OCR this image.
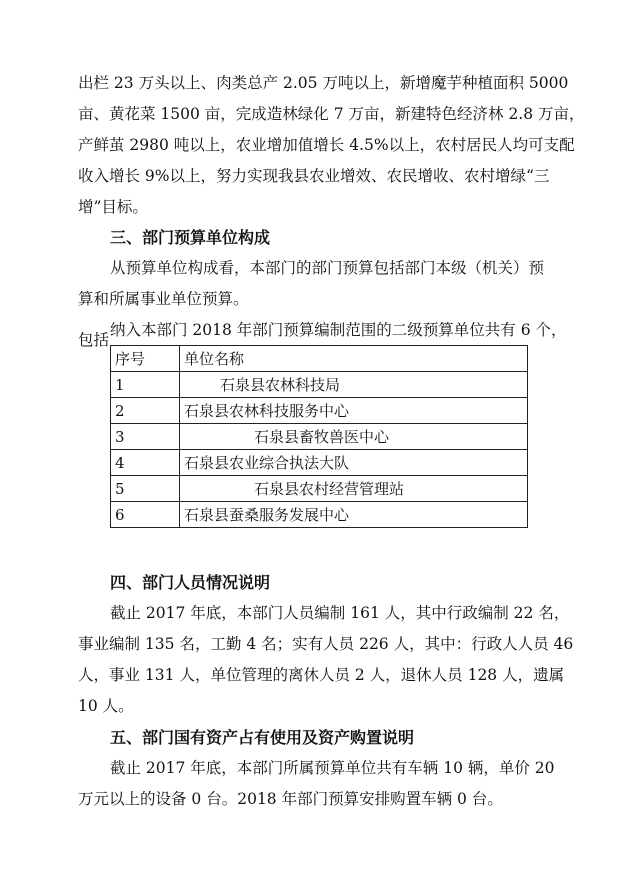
出栏 23 万头以上、肉类总产 2.05 万吨以上，新增魔芋种植面积 5000
亩、黄花菜 1500 亩，完成造林绿化 7 万亩，新建特色经济林 2.8 万亩，
产鲜茧 2980 吨以上，农业增加值增长 4.5%以上，农村居民人均可支配
收入增长 9%以上，努力实现我县农业增效、农民增收、农村增绿“三
增”目标。
三、部门预算单位构成
从预算单位构成看，本部门的部门预算包括部门本级（机关）预
算和所属事业单位预算。
纳入本部门 2018 年部门预算编制范围的二级预算单位共有 6 个，
序号	单位名称
1	石泉县农林科技局
2	石泉县农林科技服务中心
3	石泉县畜牧兽医中心
4	石泉县农业综合执法大队
5	石泉县农村经营管理站
6	石泉县蚕桑服务发展中心
四、部门人员情况说明
截止 2017 年底，本部门人员编制 161 人，其中行政编制 22 名，
事业编制 135 名，工勤 4 名；实有人员 226 人，其中：行政人人员 46
人，事业 131 人，单位管理的离休人员 2 人，退休人员 128 人，遗属
10 人。
五、部门国有资产占有使用及资产购置说明
截止 2017 年底，本部门所属预算单位共有车辆 10 辆，单价 20
万元以上的设备 0 台。2018 年部门预算安排购置车辆 0 台。
包括
